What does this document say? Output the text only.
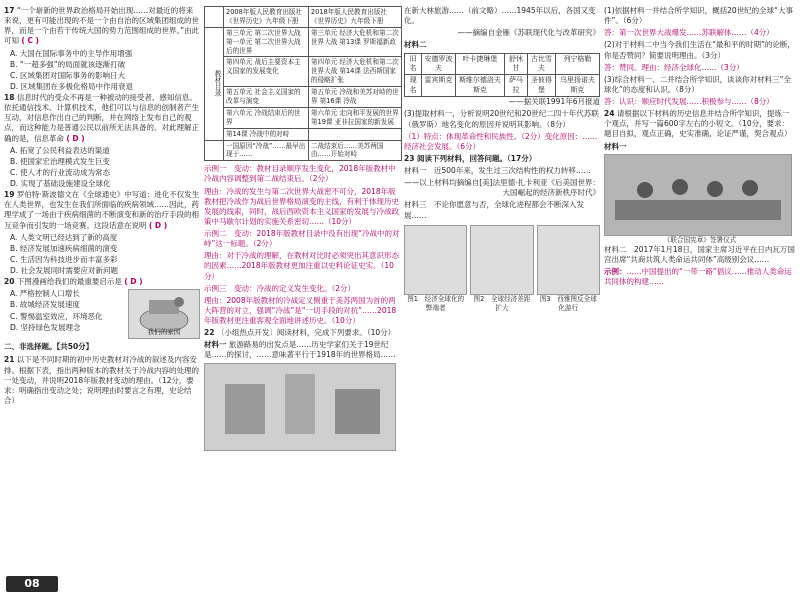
17 “一个崭新的世界政治格局开始出现……对最近的将来来说，更有可能出现的不是一个由自治的区域集团组成的世界，而是一个由若干传统大国的势力范围组成的世界。”由此可知 ( C )

A. 大国在国际事务中的主导作用增强

B. “一超多强”的局面就该逐渐打破

C. 区域集团对国际事务的影响日大

D. 区域集团在多极化格局中作用衰退

18 信息时代的受众不再是一种被动的接受者、感知信息。依托通信技术、计算机技术，他们可以与信息的创制者产生互动，对信息作出自己的判断，并在网络上发布自己的观点，而这种能力是普通公民以前所无法具备的。对此理解正确的是，信息革命 ( D )

A. 拓宽了公民利益表达的渠道

B. 使国家宏治理模式发生巨变

C. 使人才的行业流动成为常态

D. 实现了基础设施建设全球化

19 罗伯特·斯波德文在《全球通史》中写道：进化不仅发生在人类世界，也发生在我们所面临的疾病领域……因此，药理学成了一场由于疾病细菌的不断演变和新的治疗手段的相互竞争而引发的一场竞赛。这段话意在说明 ( D )

A. 人类文明已经达到了新的高度

B. 经济发展加速疾病细菌的演变

C. 生活因为科技进步而丰富多彩

D. 社会发展同时需要应对新问题

20 下图漫画给我们的最重要启示是 ( D )

A. 严格控制人口增长

B. 故城经济发展速度

C. 警惕温室效应，环境恶化

D. 坚持绿色发展理念

我们的家园

二、非选择题。【共50分】

21 以下是不同时期的初中历史教材对冷战的叙述及内容安排。根据下表，指出两种版本的教材关于冷战内容的处理的一处变动，并说明2018年版教材变动的理由。（12分，要求：明确指出变动之处；说明理由时要言之有理，史论结合）

	2008年版人民教育出版社《世界历史》九年级下册	2018年版人民教育出版社《世界历史》九年级下册
教材目录	第三单元 第二次世界大战 第一单元 第二次世界大战后的世界	第三单元 经济大危机和第二次世界大战 第13课 罗斯福新政
	第四单元 战后主要资本主义国家的发展变化	第四单元 经济大危机和第二次世界大战 第14课 法西斯国家的侵略扩张
	第五单元 社会主义国家的改革与演变	第五单元 冷战和美苏对峙的世界 第16课 冷战
	第六单元 冷战结束后的世界	第六单元 走向和平发展的世界 第19课 亚非拉国家的新发展
	第14课 冷战中的对峙	
	一国原因“冷战”……最早出现于……	二战结束后……美苏两国由……开始对峙

示例一　变动：教材目录顺序发生变化，2018年版教材中冷战内容调整到第二战结束后。（2分）

理由：冷战的发生与第二次世界大战密不可分，2018年版教材把冷战作为战后世界格局演变的主线，有利于体现历史发展的线索，同时，战后西欧资本主义国家的发展与冷战政策中马歇尔计划的实施关系密切……（10分）

示例二　变动：2018年版教材目录中没有出现“冷战中的对峙”这一标题。（2分）

理由：对于冷战的理解，在教材对比时必须突出其意识形态的因素……2018年版教材更加注重以史料论证史实。（10分）

示例三　变动：冷战的定义发生变化。（2分）

理由：2008年版教材的冷战定义侧重于美苏两国为首的两大阵营的对立，强调“冷战”是“一切手段的对抗”……2018年版教材更注重客观全面地讲述历史。（10分）

22 〔小组热点开发〕阅读材料，完成下列要求。（10分）

材料一 旅游路易的出发点是……历史学家们关于19世纪是……的探讨，……意味著平行于1918年的世界格局……

在新大林旅游……（前文略）……1945年以后，各国又变化。

——摘编自金雁《苏联现代化与改革研究》

材料二

旧名	安德罗波夫	叶卡捷琳堡	舒休甘	古比雪夫	列宁格勒
现名	雷宾斯克	斯维尔德洛夫斯克	萨马拉	圣彼得堡	乌里扬诺夫斯克

——据关联1991年6月报道

(3)提取材料一，分析说明20世纪和20世纪二四十年代苏联（俄罗斯）地名变化的原因并说明其影响。（8分）

（1）特点：体现革命性和民族性。（2分）变化原因：……经济社会发展。（6分）

23 阅读下列材料，回答问题。（17分）

材料一　近500年来，发生过三次结构性的权力转移……

——以上材料均摘编自[美]法里德·扎卡利亚《后美国世界：大国崛起的经济新秩序时代》

材料三　不论你愿意与否，全球化进程都会不断深入发展……

图1　经济全球化的弊端者
图2　全球经济差距扩大
图3　西雅图反全球化游行

(1)依据材料一并结合所学知识，概括20世纪的全球“大事件”。（6分）

答：第一次世界大战爆发……苏联解体……（4分）

(2)对于材料二中当今我们生活在“最和平的时期”的论断，你是否赞同？简要说明理由。（3分）

答：赞同。理由：经济全球化……（3分）

(3)综合材料一、二并结合所学知识，谈谈你对材料三“全球化”的态度和认识。（8分）

答：认识：顺应时代发展……积极参与……（8分）

24 请根据以下材料的历史信息并结合所学知识，提炼一个观点，并写一篇600字左右的小短文。（10分，要求：题目自拟，观点正确，史实准确，论证严谨，契合观点）

材料一

《联合国宪章》签署仪式

材料二　2017年1月18日，国家主席习近平在日内瓦万国宫出席“共商共筑人类命运共同体”高级别会议……

示例：……中国提出的“一带一路”倡议……推动人类命运共同体的构建……

08
